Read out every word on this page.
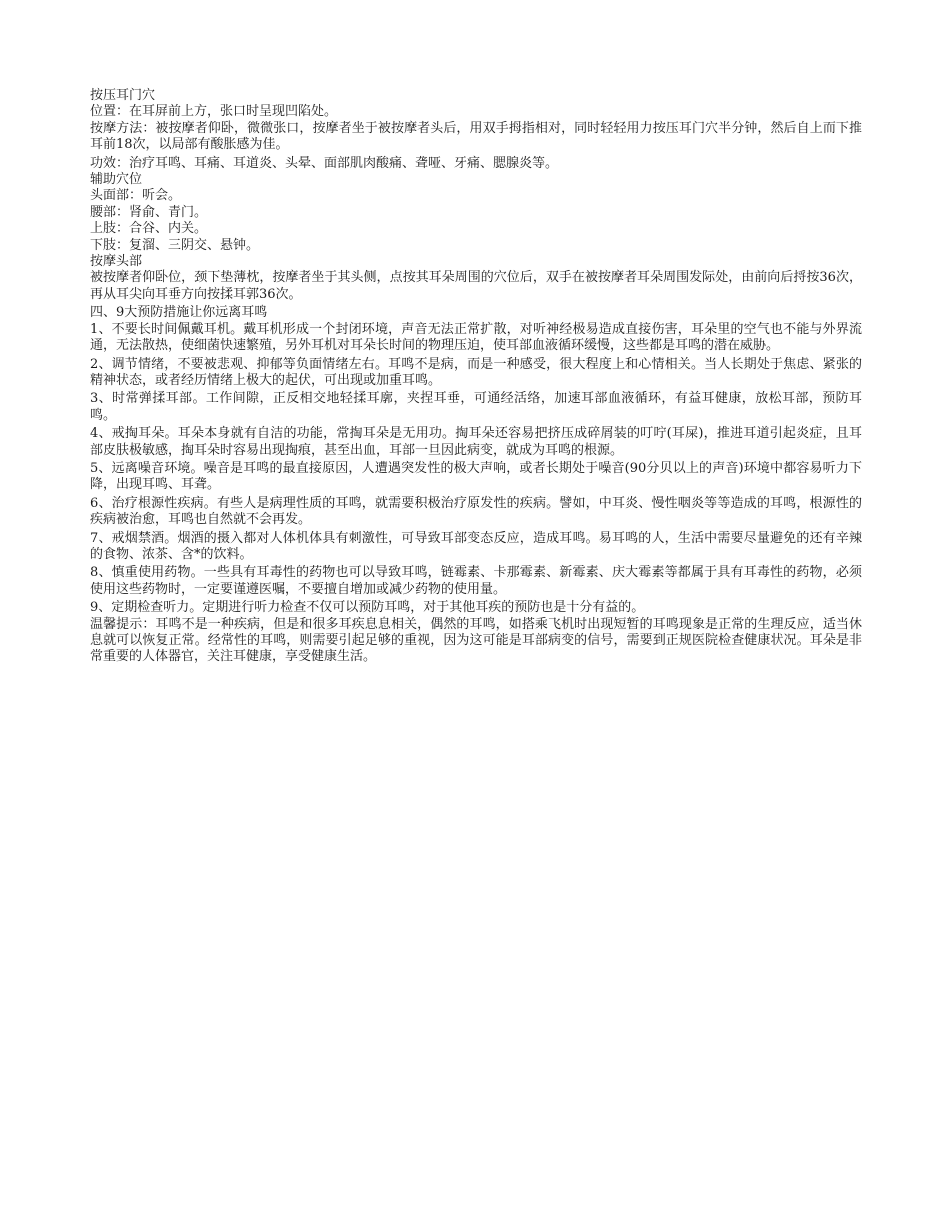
按压耳门穴

位置：在耳屏前上方，张口时呈现凹陷处。

按摩方法：被按摩者仰卧，微微张口，按摩者坐于被按摩者头后，用双手拇指相对，同时轻轻用力按压耳门穴半分钟，然后自上而下推耳前18次，以局部有酸胀感为佳。

功效：治疗耳鸣、耳痛、耳道炎、头晕、面部肌肉酸痛、聋哑、牙痛、腮腺炎等。

辅助穴位

头面部：听会。

腰部：肾俞、青门。

上肢：合谷、内关。

下肢：复溜、三阴交、悬钟。

按摩头部

被按摩者仰卧位，颈下垫薄枕，按摩者坐于其头侧，点按其耳朵周围的穴位后，双手在被按摩者耳朵周围发际处，由前向后捋按36次，再从耳尖向耳垂方向按揉耳郭36次。

四、9大预防措施让你远离耳鸣

1、不要长时间佩戴耳机。戴耳机形成一个封闭环境，声音无法正常扩散，对听神经极易造成直接伤害，耳朵里的空气也不能与外界流通，无法散热，使细菌快速繁殖，另外耳机对耳朵长时间的物理压迫，使耳部血液循环缓慢，这些都是耳鸣的潜在威胁。

2、调节情绪，不要被悲观、抑郁等负面情绪左右。耳鸣不是病，而是一种感受，很大程度上和心情相关。当人长期处于焦虑、紧张的精神状态，或者经历情绪上极大的起伏，可出现或加重耳鸣。

3、时常弹揉耳部。工作间隙，正反相交地轻揉耳廓，夹捏耳垂，可通经活络，加速耳部血液循环，有益耳健康，放松耳部，预防耳鸣。

4、戒掏耳朵。耳朵本身就有自洁的功能，常掏耳朵是无用功。掏耳朵还容易把挤压成碎屑装的叮咛(耳屎)，推进耳道引起炎症，且耳部皮肤极敏感，掏耳朵时容易出现掏痕，甚至出血，耳部一旦因此病变，就成为耳鸣的根源。

5、远离噪音环境。噪音是耳鸣的最直接原因，人遭遇突发性的极大声响，或者长期处于噪音(90分贝以上的声音)环境中都容易听力下降，出现耳鸣、耳聋。

6、治疗根源性疾病。有些人是病理性质的耳鸣，就需要积极治疗原发性的疾病。譬如，中耳炎、慢性咽炎等等造成的耳鸣，根源性的疾病被治愈，耳鸣也自然就不会再发。

7、戒烟禁酒。烟酒的摄入都对人体机体具有刺激性，可导致耳部变态反应，造成耳鸣。易耳鸣的人，生活中需要尽量避免的还有辛辣的食物、浓茶、含*的饮料。

8、慎重使用药物。一些具有耳毒性的药物也可以导致耳鸣，链霉素、卡那霉素、新霉素、庆大霉素等都属于具有耳毒性的药物，必须使用这些药物时，一定要谨遵医嘱，不要擅自增加或减少药物的使用量。

9、定期检查听力。定期进行听力检查不仅可以预防耳鸣，对于其他耳疾的预防也是十分有益的。

温馨提示：耳鸣不是一种疾病，但是和很多耳疾息息相关，偶然的耳鸣，如搭乘飞机时出现短暂的耳鸣现象是正常的生理反应，适当休息就可以恢复正常。经常性的耳鸣，则需要引起足够的重视，因为这可能是耳部病变的信号，需要到正规医院检查健康状况。耳朵是非常重要的人体器官，关注耳健康，享受健康生活。
